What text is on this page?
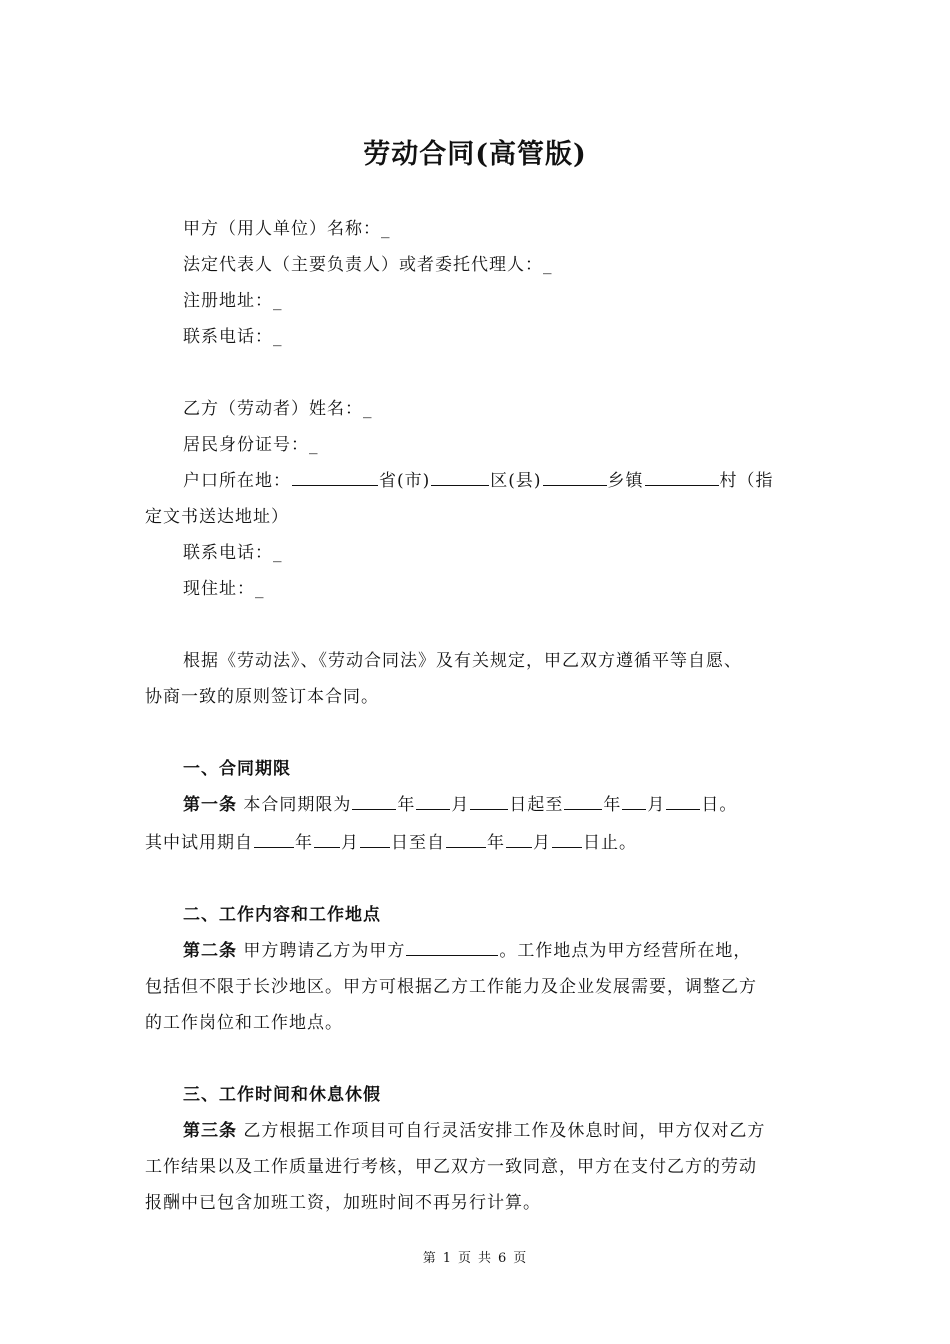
劳动合同(高管版)
甲方（用人单位）名称：_
法定代表人（主要负责人）或者委托代理人：_
注册地址：_
联系电话：_
乙方（劳动者）姓名：_
居民身份证号：_
户口所在地：	省(市)	区(县)	乡镇	村（指
定文书送达地址）
联系电话：_
现住址：_
根据《劳动法》、《劳动合同法》及有关规定，甲乙双方遵循平等自愿、
协商一致的原则签订本合同。
一、合同期限
第一条 本合同期限为	年 月 日起至 年 月 日。
其中试用期自 年 月 日至自 年 月 日止。
二、工作内容和工作地点
第二条 甲方聘请乙方为甲方	。工作地点为甲方经营所在地，
包括但不限于长沙地区。甲方可根据乙方工作能力及企业发展需要，调整乙方
的工作岗位和工作地点。
三、工作时间和休息休假
第三条 乙方根据工作项目可自行灵活安排工作及休息时间，甲方仅对乙方
工作结果以及工作质量进行考核，甲乙双方一致同意，甲方在支付乙方的劳动
报酬中已包含加班工资，加班时间不再另行计算。
第 1 页 共 6 页
